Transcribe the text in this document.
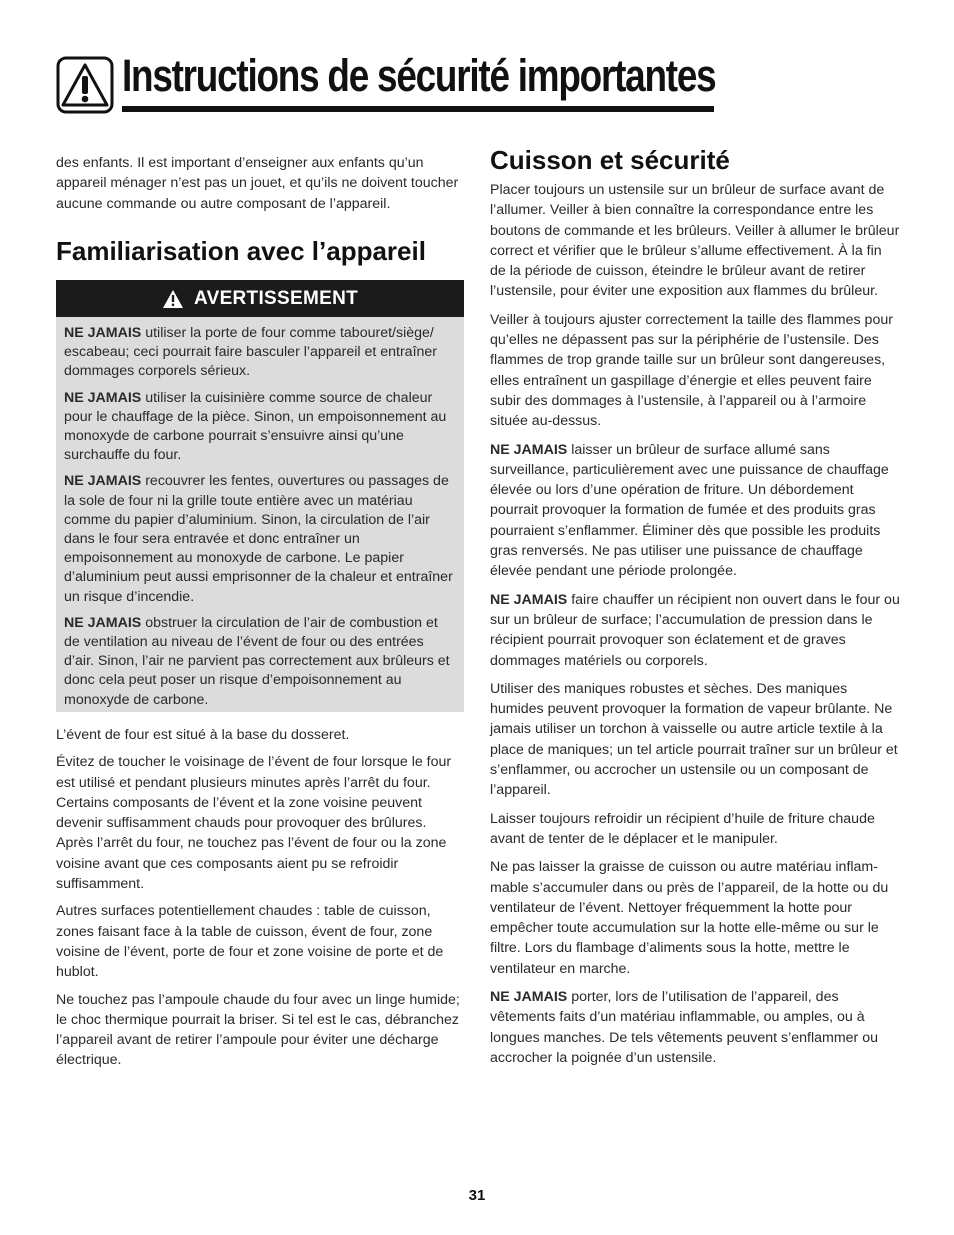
Instructions de sécurité importantes

des enfants. Il est important d’enseigner aux enfants qu’un appareil ménager n’est pas un jouet, et qu’ils ne doivent toucher aucune commande ou autre composant de l’appareil.

Familiarisation avec l’appareil
AVERTISSEMENT

NE JAMAIS utiliser la porte de four comme tabouret/siège/ escabeau; ceci pourrait faire basculer l’appareil et entraîner dommages corporels sérieux.

NE JAMAIS utiliser la cuisinière comme source de chaleur pour le chauffage de la pièce. Sinon, un empoisonnement au monoxyde de carbone pourrait s’ensuivre ainsi qu’une surchauffe du four.

NE JAMAIS recouvrer les fentes, ouvertures ou passages de la sole de four ni la grille toute entière avec un matériau comme du papier d’aluminium. Sinon, la circulation de l’air dans le four sera entravée et donc entraîner un empoisonnement au monoxyde de carbone. Le papier d’aluminium peut aussi emprisonner de la chaleur et entraîner un risque d’incendie.

NE JAMAIS obstruer la circulation de l’air de combustion et de ventilation au niveau de l’évent de four ou des entrées d’air. Sinon, l’air ne parvient pas correctement aux brûleurs et donc cela peut poser un risque d’empoisonnement au monoxyde de carbone.

L’évent de four est situé à la base du dosseret.

Évitez de toucher le voisinage de l’évent de four lorsque le four est utilisé et pendant plusieurs minutes après l’arrêt du four. Certains composants de l’évent et la zone voisine peuvent devenir suffisamment chauds pour provoquer des brûlures. Après l’arrêt du four, ne touchez pas l’évent de four ou la zone voisine avant que ces composants aient pu se refroidir suffisamment.

Autres surfaces potentiellement chaudes : table de cuisson, zones faisant face à la table de cuisson, évent de four, zone voisine de l’évent, porte de four et zone voisine de porte et de hublot.

Ne touchez pas l’ampoule chaude du four avec un linge humide; le choc thermique pourrait la briser. Si tel est le cas, débranchez l’appareil avant de retirer l’ampoule pour éviter une décharge électrique.

Cuisson et sécurité

Placer toujours un ustensile sur un brûleur de surface avant de l’allumer. Veiller à bien connaître la correspondance entre les boutons de commande et les brûleurs. Veiller à allumer le brûleur correct et vérifier que le brûleur s’allume effectivement. À la fin de la période de cuisson, éteindre le brûleur avant de retirer l’ustensile, pour éviter une exposition aux flammes du brûleur.

Veiller à toujours ajuster correctement la taille des flammes pour qu’elles ne dépassent pas sur la périphérie de l’ustensile. Des flammes de trop grande taille sur un brûleur sont dangereuses, elles entraînent un gaspillage d’énergie et elles peuvent faire subir des dommages à l’ustensile, à l’appareil ou à l’armoire située au-dessus.

NE JAMAIS laisser un brûleur de surface allumé sans surveillance, particulièrement avec une puissance de chauffage élevée ou lors d’une opération de friture. Un débordement pourrait provoquer la formation de fumée et des produits gras pourraient s’enflammer. Éliminer dès que possible les produits gras renversés. Ne pas utiliser une puissance de chauffage élevée pendant une période prolongée.

NE JAMAIS faire chauffer un récipient non ouvert dans le four ou sur un brûleur de surface; l’accumulation de pression dans le récipient pourrait provoquer son éclatement et de graves dommages matériels ou corporels.

Utiliser des maniques robustes et sèches. Des maniques humides peuvent provoquer la formation de vapeur brûlante. Ne jamais utiliser un torchon à vaisselle ou autre article textile à la place de maniques; un tel article pourrait traîner sur un brûleur et s’enflammer, ou accrocher un ustensile ou un composant de l’appareil.

Laisser toujours refroidir un récipient d’huile de friture chaude avant de tenter de le déplacer et le manipuler.

Ne pas laisser la graisse de cuisson ou autre matériau inflam- mable s’accumuler dans ou près de l’appareil, de la hotte ou du ventilateur de l’évent. Nettoyer fréquemment la hotte pour empêcher toute accumulation sur la hotte elle-même ou sur le filtre. Lors du flambage d’aliments sous la hotte, mettre le ventilateur en marche.

NE JAMAIS porter, lors de l’utilisation de l’appareil, des vêtements faits d’un matériau inflammable, ou amples, ou à longues manches. De tels vêtements peuvent s’enflammer ou accrocher la poignée d’un ustensile.

31
